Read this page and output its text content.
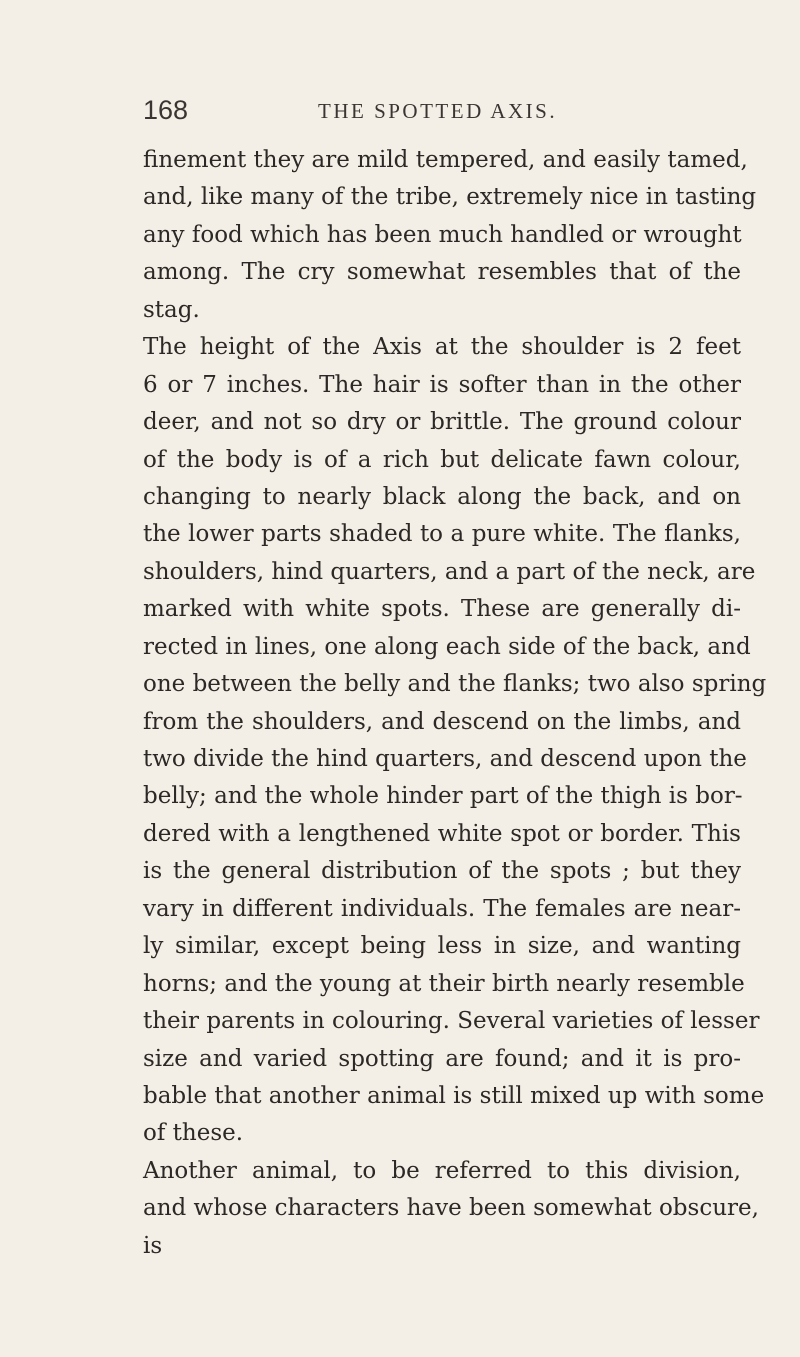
168	THE SPOTTED AXIS.
finement they are mild tempered, and easily tamed,
and, like many of the tribe, extremely nice in tasting
any food which has been much handled or wrought
among. The cry somewhat resembles that of the
stag.
The height of the Axis at the shoulder is 2 feet
6 or 7 inches. The hair is softer than in the other
deer, and not so dry or brittle. The ground colour
of the body is of a rich but delicate fawn colour,
changing to nearly black along the back, and on
the lower parts shaded to a pure white. The flanks,
shoulders, hind quarters, and a part of the neck, are
marked with white spots. These are generally di-
rected in lines, one along each side of the back, and
one between the belly and the flanks; two also spring
from the shoulders, and descend on the limbs, and
two divide the hind quarters, and descend upon the
belly; and the whole hinder part of the thigh is bor-
dered with a lengthened white spot or border. This
is the general distribution of the spots ; but they
vary in different individuals. The females are near-
ly similar, except being less in size, and wanting
horns; and the young at their birth nearly resemble
their parents in colouring. Several varieties of lesser
size and varied spotting are found; and it is pro-
bable that another animal is still mixed up with some
of these.
Another animal, to be referred to this division,
and whose characters have been somewhat obscure,
is
